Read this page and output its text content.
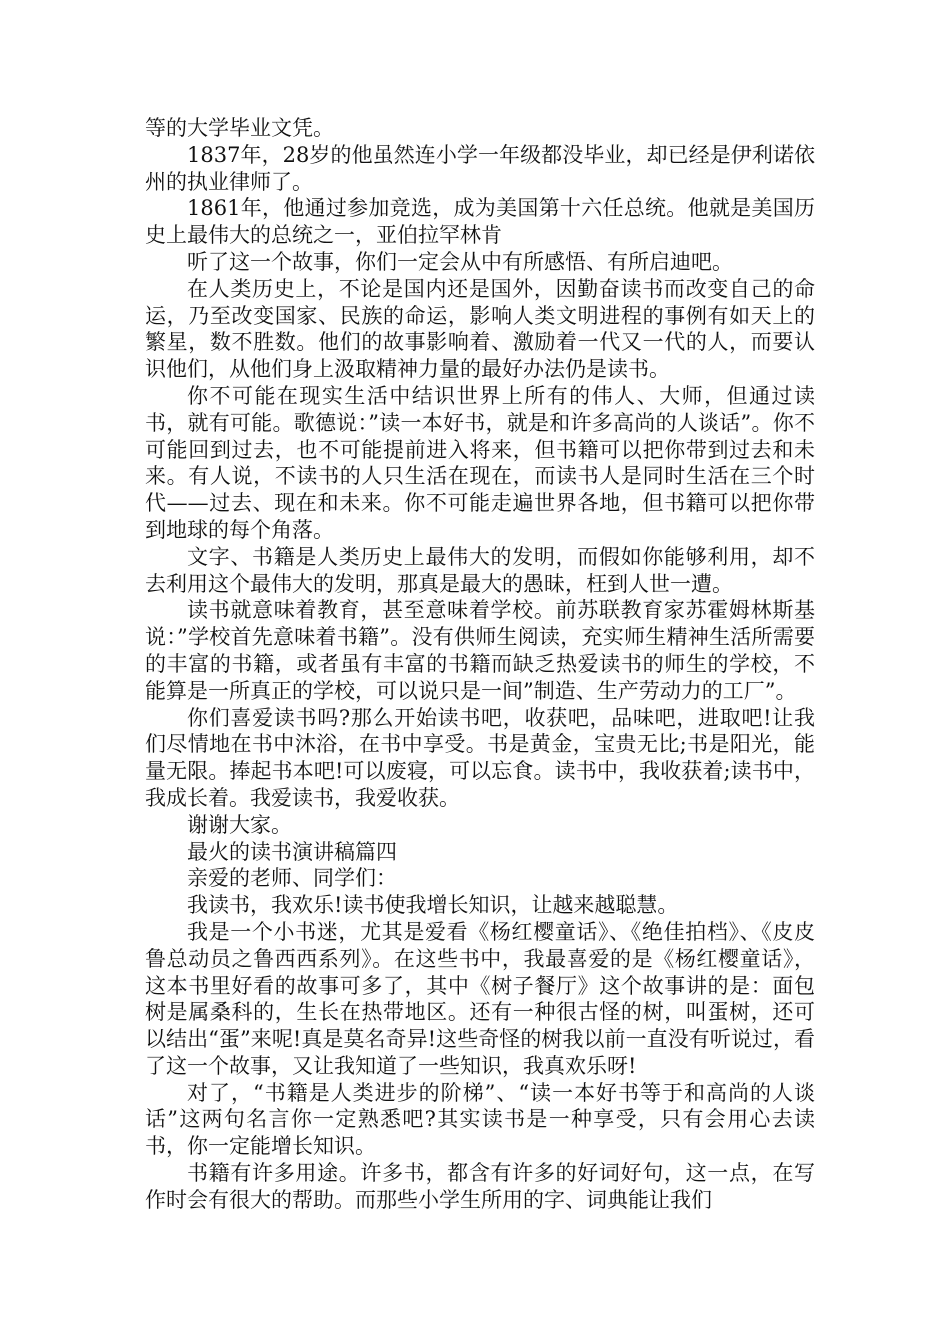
等的大学毕业文凭。

1837年，28岁的他虽然连小学一年级都没毕业，却已经是伊利诺依州的执业律师了。

1861年，他通过参加竞选，成为美国第十六任总统。他就是美国历史上最伟大的总统之一，亚伯拉罕林肯

听了这一个故事，你们一定会从中有所感悟、有所启迪吧。

在人类历史上，不论是国内还是国外，因勤奋读书而改变自己的命运，乃至改变国家、民族的命运，影响人类文明进程的事例有如天上的繁星，数不胜数。他们的故事影响着、激励着一代又一代的人，而要认识他们，从他们身上汲取精神力量的最好办法仍是读书。

你不可能在现实生活中结识世界上所有的伟人、大师，但通过读书，就有可能。歌德说：”读一本好书，就是和许多高尚的人谈话”。你不可能回到过去，也不可能提前进入将来，但书籍可以把你带到过去和未来。有人说，不读书的人只生活在现在，而读书人是同时生活在三个时代——过去、现在和未来。你不可能走遍世界各地，但书籍可以把你带到地球的每个角落。

文字、书籍是人类历史上最伟大的发明，而假如你能够利用，却不去利用这个最伟大的发明，那真是最大的愚昧，枉到人世一遭。

读书就意味着教育，甚至意味着学校。前苏联教育家苏霍姆林斯基说：”学校首先意味着书籍”。没有供师生阅读，充实师生精神生活所需要的丰富的书籍，或者虽有丰富的书籍而缺乏热爱读书的师生的学校，不能算是一所真正的学校，可以说只是一间”制造、生产劳动力的工厂”。

你们喜爱读书吗?那么开始读书吧，收获吧，品味吧，进取吧!让我们尽情地在书中沐浴，在书中享受。书是黄金，宝贵无比;书是阳光，能量无限。捧起书本吧!可以废寝，可以忘食。读书中，我收获着;读书中，我成长着。我爱读书，我爱收获。

谢谢大家。

最火的读书演讲稿篇四

亲爱的老师、同学们：

我读书，我欢乐!读书使我增长知识，让越来越聪慧。

我是一个小书迷，尤其是爱看《杨红樱童话》、《绝佳拍档》、《皮皮鲁总动员之鲁西西系列》。在这些书中，我最喜爱的是《杨红樱童话》，这本书里好看的故事可多了，其中《树子餐厅》这个故事讲的是：面包树是属桑科的，生长在热带地区。还有一种很古怪的树，叫蛋树，还可以结出“蛋”来呢!真是莫名奇异!这些奇怪的树我以前一直没有听说过，看了这一个故事，又让我知道了一些知识，我真欢乐呀!

对了，“书籍是人类进步的阶梯”、“读一本好书等于和高尚的人谈话”这两句名言你一定熟悉吧?其实读书是一种享受，只有会用心去读书，你一定能增长知识。

书籍有许多用途。许多书，都含有许多的好词好句，这一点，在写作时会有很大的帮助。而那些小学生所用的字、词典能让我们
